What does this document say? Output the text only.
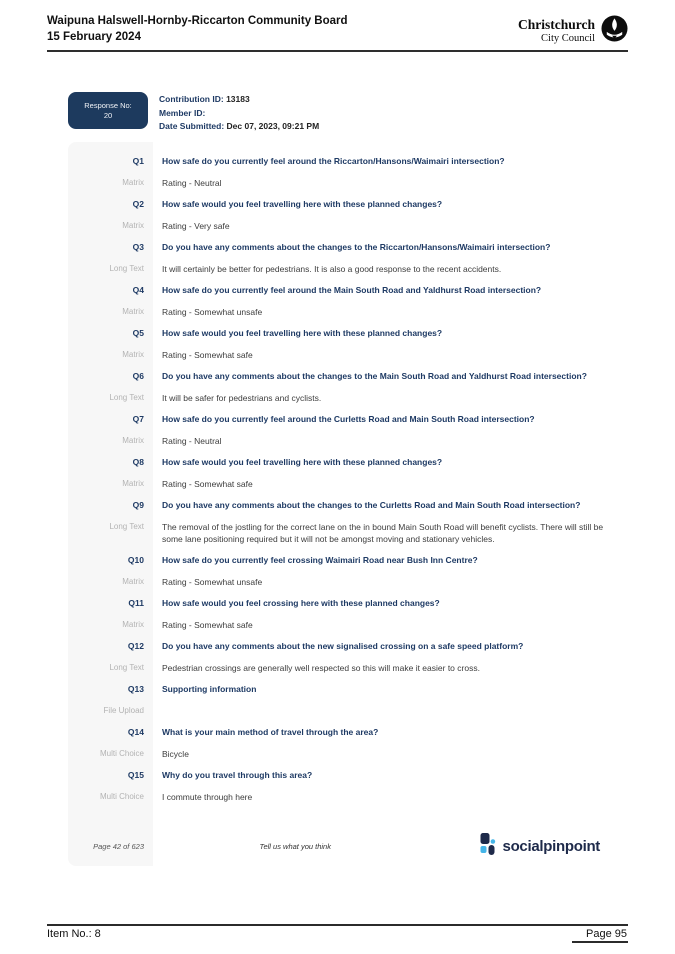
Waipuna Halswell-Hornby-Riccarton Community Board
15 February 2024
Christchurch
City Council
Response No:
20
Contribution ID: 13183
Member ID:
Date Submitted: Dec 07, 2023, 09:21 PM
Q1	How safe do you currently feel around the Riccarton/Hansons/Waimairi intersection?
Matrix	Rating - Neutral
Q2	How safe would you feel travelling here with these planned changes?
Matrix	Rating - Very safe
Q3	Do you have any comments about the changes to the Riccarton/Hansons/Waimairi intersection?
Long Text	It will certainly be better for pedestrians. It is also a good response to the recent accidents.
Q4	How safe do you currently feel around the Main South Road and Yaldhurst Road intersection?
Matrix	Rating - Somewhat unsafe
Q5	How safe would you feel travelling here with these planned changes?
Matrix	Rating - Somewhat safe
Q6	Do you have any comments about the changes to the Main South Road and Yaldhurst Road intersection?
Long Text	It will be safer for pedestrians and cyclists.
Q7	How safe do you currently feel around the Curletts Road and Main South Road intersection?
Matrix	Rating - Neutral
Q8	How safe would you feel travelling here with these planned changes?
Matrix	Rating - Somewhat safe
Q9	Do you have any comments about the changes to the Curletts Road and Main South Road intersection?
Long Text	The removal of the jostling for the correct lane on the in bound Main South Road will benefit cyclists. There will still be some lane positioning required but it will not be amongst moving and stationary vehicles.
Q10	How safe do you currently feel crossing Waimairi Road near Bush Inn Centre?
Matrix	Rating - Somewhat unsafe
Q11	How safe would you feel crossing here with these planned changes?
Matrix	Rating - Somewhat safe
Q12	Do you have any comments about the new signalised crossing on a safe speed platform?
Long Text	Pedestrian crossings are generally well respected so this will make it easier to cross.
Q13	Supporting information
File Upload
Q14	What is your main method of travel through the area?
Multi Choice	Bicycle
Q15	Why do you travel through this area?
Multi Choice	I commute through here
Page 42 of 623	Tell us what you think	socialpinpoint
Item No.: 8	Page 95
